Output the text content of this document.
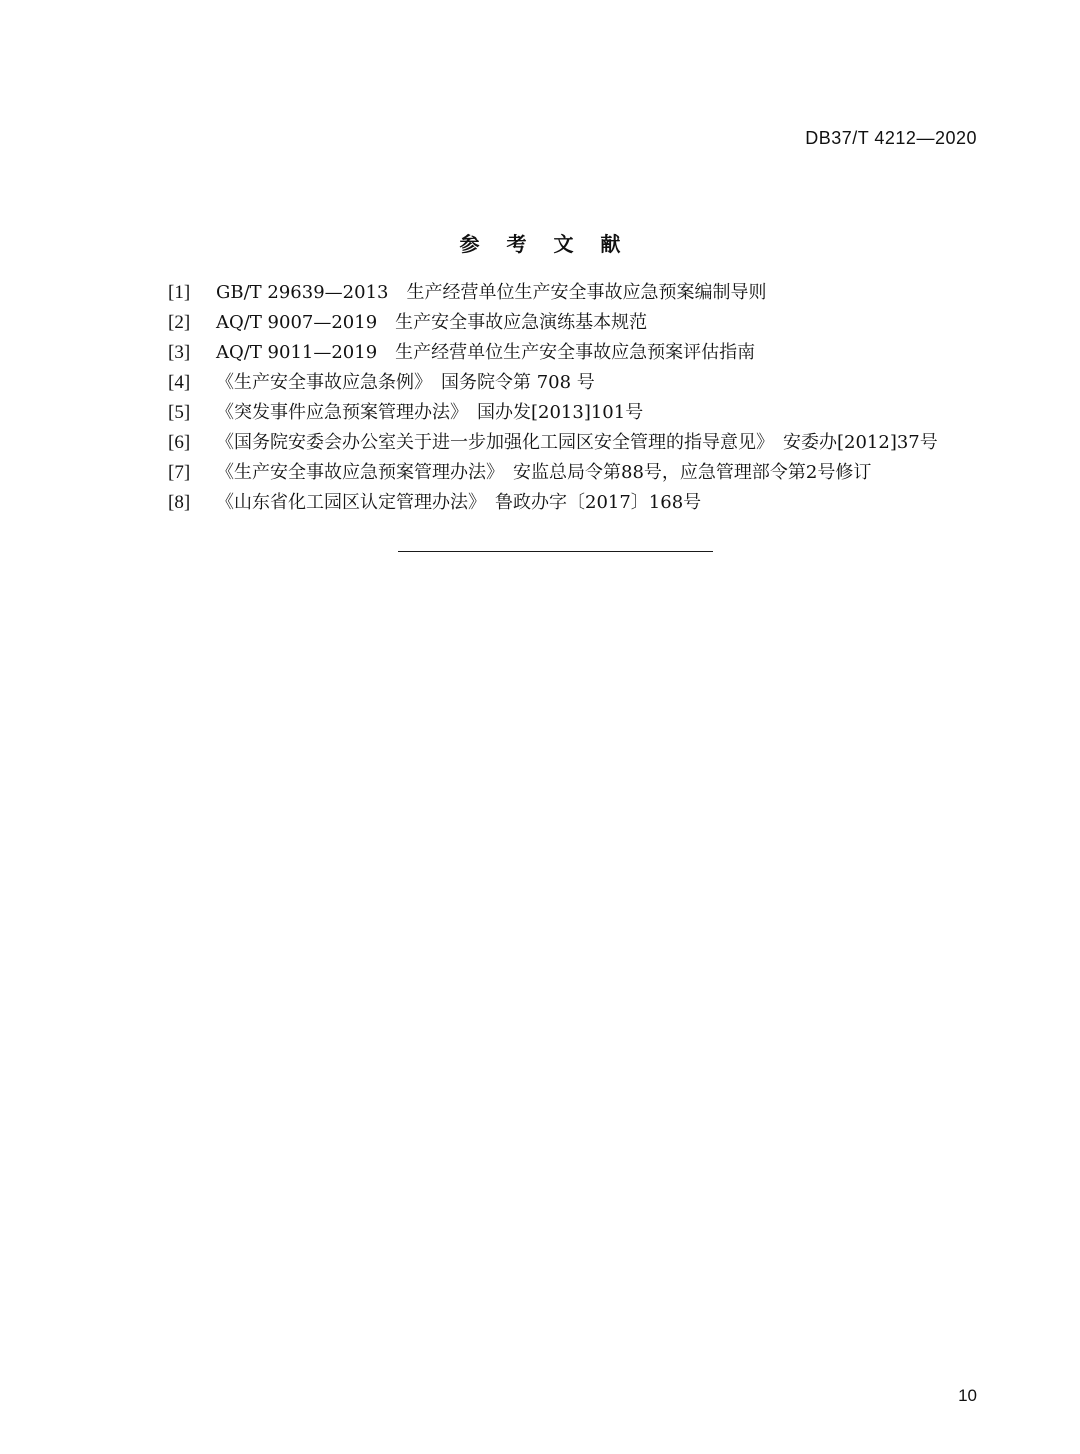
DB37/T 4212—2020
参 考 文 献
[1]	GB/T 29639—2013　生产经营单位生产安全事故应急预案编制导则
[2]	AQ/T 9007—2019　生产安全事故应急演练基本规范
[3]	AQ/T 9011—2019　生产经营单位生产安全事故应急预案评估指南
[4]	《生产安全事故应急条例》　国务院令第 708 号
[5]	《突发事件应急预案管理办法》　国办发[2013]101号
[6]	《国务院安委会办公室关于进一步加强化工园区安全管理的指导意见》　安委办[2012]37号
[7]	《生产安全事故应急预案管理办法》　安监总局令第88号，应急管理部令第2号修订
[8]	《山东省化工园区认定管理办法》　鲁政办字〔2017〕168号
10
